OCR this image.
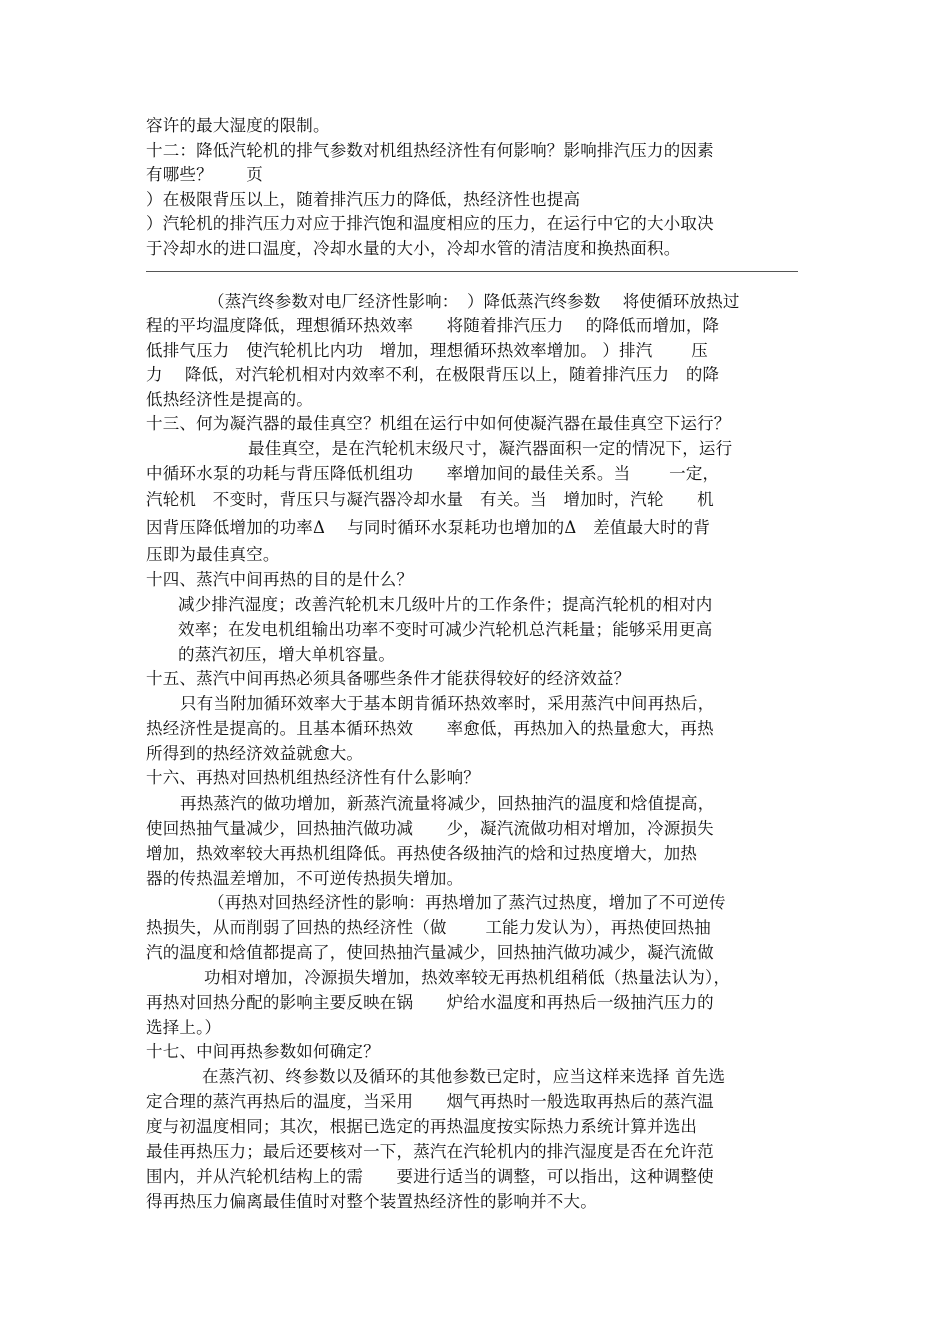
容许的最大湿度的限制。
十二：降低汽轮机的排气参数对机组热经济性有何影响？影响排汽压力的因素
有哪些？　　页
）在极限背压以上，随着排汽压力的降低，热经济性也提高
）汽轮机的排汽压力对应于排汽饱和温度相应的压力，在运行中它的大小取决
于冷却水的进口温度，冷却水量的大小，冷却水管的清洁度和换热面积。
（蒸汽终参数对电厂经济性影响：　）降低蒸汽终参数　 将使循环放热过
程的平均温度降低，理想循环热效率　　将随着排汽压力　 的降低而增加，降
低排气压力　使汽轮机比内功　增加，理想循环热效率增加。 ）排汽　　 压
力　 降低，对汽轮机相对内效率不利，在极限背压以上，随着排汽压力　的降
低热经济性是提高的。
十三、何为凝汽器的最佳真空？机组在运行中如何使凝汽器在最佳真空下运行？
最佳真空，是在汽轮机末级尺寸，凝汽器面积一定的情况下，运行
中循环水泵的功耗与背压降低机组功　　率增加间的最佳关系。当　　 一定，
汽轮机　不变时，背压只与凝汽器冷却水量　有关。当　增加时，汽轮　　机
因背压降低增加的功率Δ　 与同时循环水泵耗功也增加的Δ　差值最大时的背
压即为最佳真空。
十四、蒸汽中间再热的目的是什么？
减少排汽湿度；改善汽轮机末几级叶片的工作条件；提高汽轮机的相对内
效率；在发电机组输出功率不变时可减少汽轮机总汽耗量；能够采用更高
的蒸汽初压，增大单机容量。
十五、蒸汽中间再热必须具备哪些条件才能获得较好的经济效益？
只有当附加循环效率大于基本朗肯循环热效率时，采用蒸汽中间再热后，
热经济性是提高的。且基本循环热效　　率愈低，再热加入的热量愈大，再热
所得到的热经济效益就愈大。
十六、再热对回热机组热经济性有什么影响？
再热蒸汽的做功增加，新蒸汽流量将减少，回热抽汽的温度和焓值提高，
使回热抽气量减少，回热抽汽做功减　　少，凝汽流做功相对增加，冷源损失
增加，热效率较大再热机组降低。再热使各级抽汽的焓和过热度增大，加热
器的传热温差增加，不可逆传热损失增加。
（再热对回热经济性的影响：再热增加了蒸汽过热度，增加了不可逆传
热损失，从而削弱了回热的热经济性（做　　 工能力发认为），再热使回热抽
汽的温度和焓值都提高了，使回热抽汽量减少，回热抽汽做功减少，凝汽流做
功相对增加，冷源损失增加，热效率较无再热机组稍低（热量法认为），
再热对回热分配的影响主要反映在锅　　炉给水温度和再热后一级抽汽压力的
选择上。）
十七、中间再热参数如何确定？
在蒸汽初、终参数以及循环的其他参数已定时，应当这样来选择 首先选
定合理的蒸汽再热后的温度，当采用　　烟气再热时一般选取再热后的蒸汽温
度与初温度相同；其次，根据已选定的再热温度按实际热力系统计算并选出
最佳再热压力；最后还要核对一下，蒸汽在汽轮机内的排汽湿度是否在允许范
围内，并从汽轮机结构上的需　　要进行适当的调整，可以指出，这种调整使
得再热压力偏离最佳值时对整个装置热经济性的影响并不大。
